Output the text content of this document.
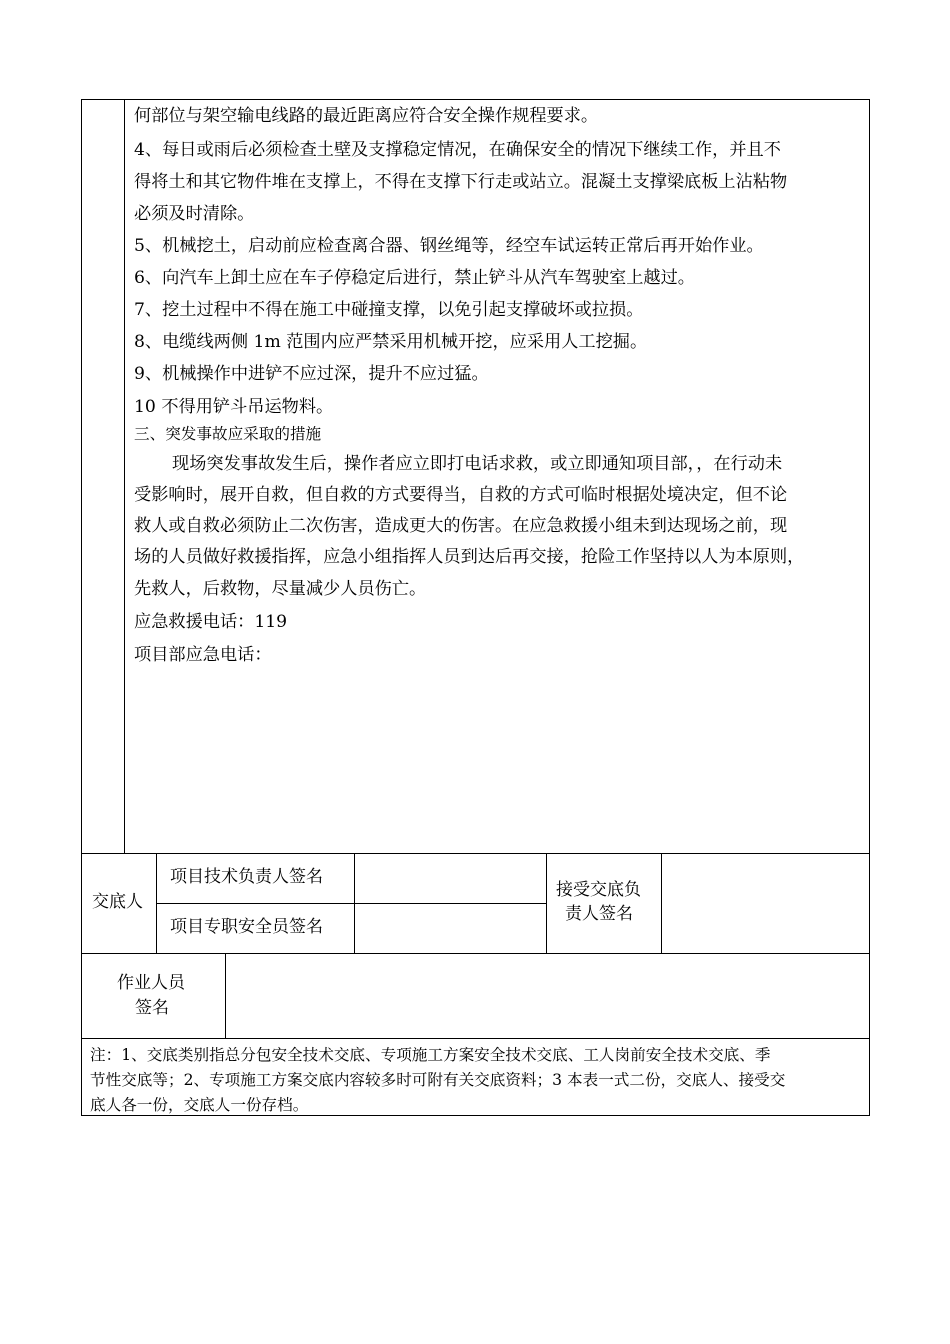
何部位与架空输电线路的最近距离应符合安全操作规程要求。
4、每日或雨后必须检查土壁及支撑稳定情况，在确保安全的情况下继续工作，并且不
得将土和其它物件堆在支撑上，不得在支撑下行走或站立。混凝土支撑梁底板上沾粘物
必须及时清除。
5、机械挖土，启动前应检查离合器、钢丝绳等，经空车试运转正常后再开始作业。
6、向汽车上卸土应在车子停稳定后进行，禁止铲斗从汽车驾驶室上越过。
7、挖土过程中不得在施工中碰撞支撑，以免引起支撑破坏或拉损。
8、电缆线两侧 1m 范围内应严禁采用机械开挖，应采用人工挖掘。
9、机械操作中进铲不应过深，提升不应过猛。
10 不得用铲斗吊运物料。
三、突发事故应采取的措施
现场突发事故发生后，操作者应立即打电话求救，或立即通知项目部，，在行动未
受影响时，展开自救，但自救的方式要得当，自救的方式可临时根据处境决定，但不论
救人或自救必须防止二次伤害，造成更大的伤害。在应急救援小组未到达现场之前，现
场的人员做好救援指挥，应急小组指挥人员到达后再交接，抢险工作坚持以人为本原则，
先救人，后救物，尽量减少人员伤亡。
应急救援电话：119
项目部应急电话：
交底人
项目技术负责人签名
项目专职安全员签名
接受交底负
责人签名
作业人员
签名
注：1、交底类别指总分包安全技术交底、专项施工方案安全技术交底、工人岗前安全技术交底、季
节性交底等；2、专项施工方案交底内容较多时可附有关交底资料；3 本表一式二份，交底人、接受交
底人各一份，交底人一份存档。
